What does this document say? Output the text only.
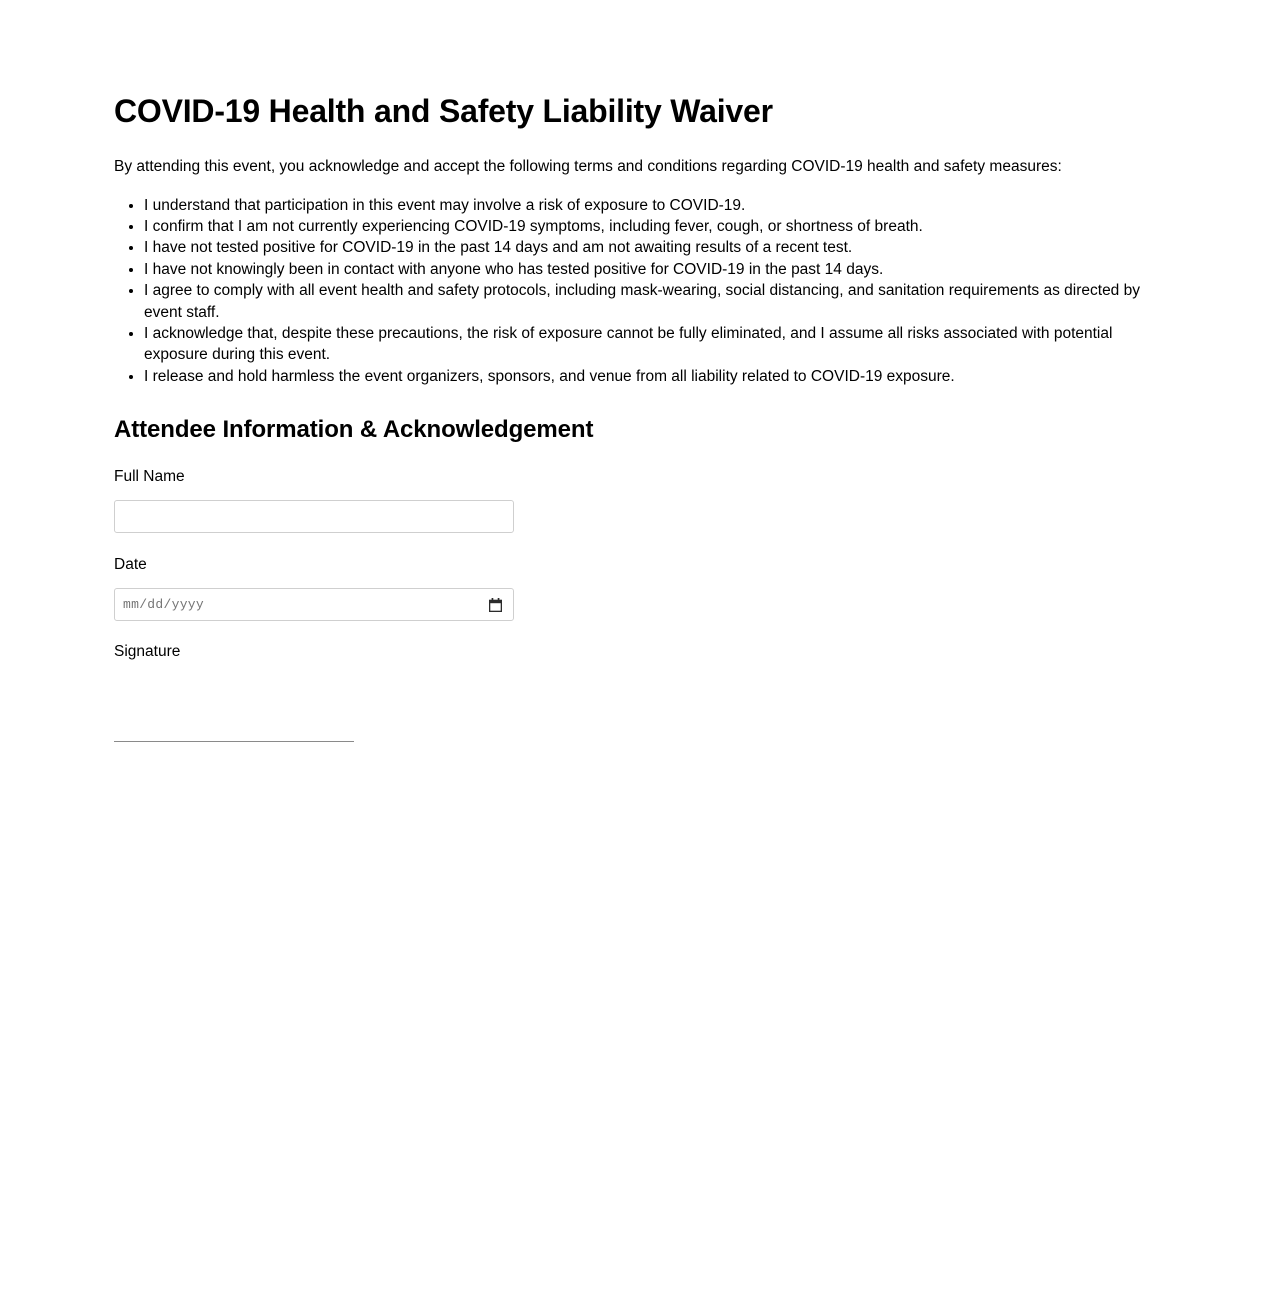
COVID-19 Health and Safety Liability Waiver

By attending this event, you acknowledge and accept the following terms and conditions regarding COVID-19 health and safety measures:

• I understand that participation in this event may involve a risk of exposure to COVID-19.
• I confirm that I am not currently experiencing COVID-19 symptoms, including fever, cough, or shortness of breath.
• I have not tested positive for COVID-19 in the past 14 days and am not awaiting results of a recent test.
• I have not knowingly been in contact with anyone who has tested positive for COVID-19 in the past 14 days.
• I agree to comply with all event health and safety protocols, including mask-wearing, social distancing, and sanitation requirements as directed by event staff.
• I acknowledge that, despite these precautions, the risk of exposure cannot be fully eliminated, and I assume all risks associated with potential exposure during this event.
• I release and hold harmless the event organizers, sponsors, and venue from all liability related to COVID-19 exposure.
Attendee Information & Acknowledgement
Full Name
Date
mm/dd/yyyy
Signature
